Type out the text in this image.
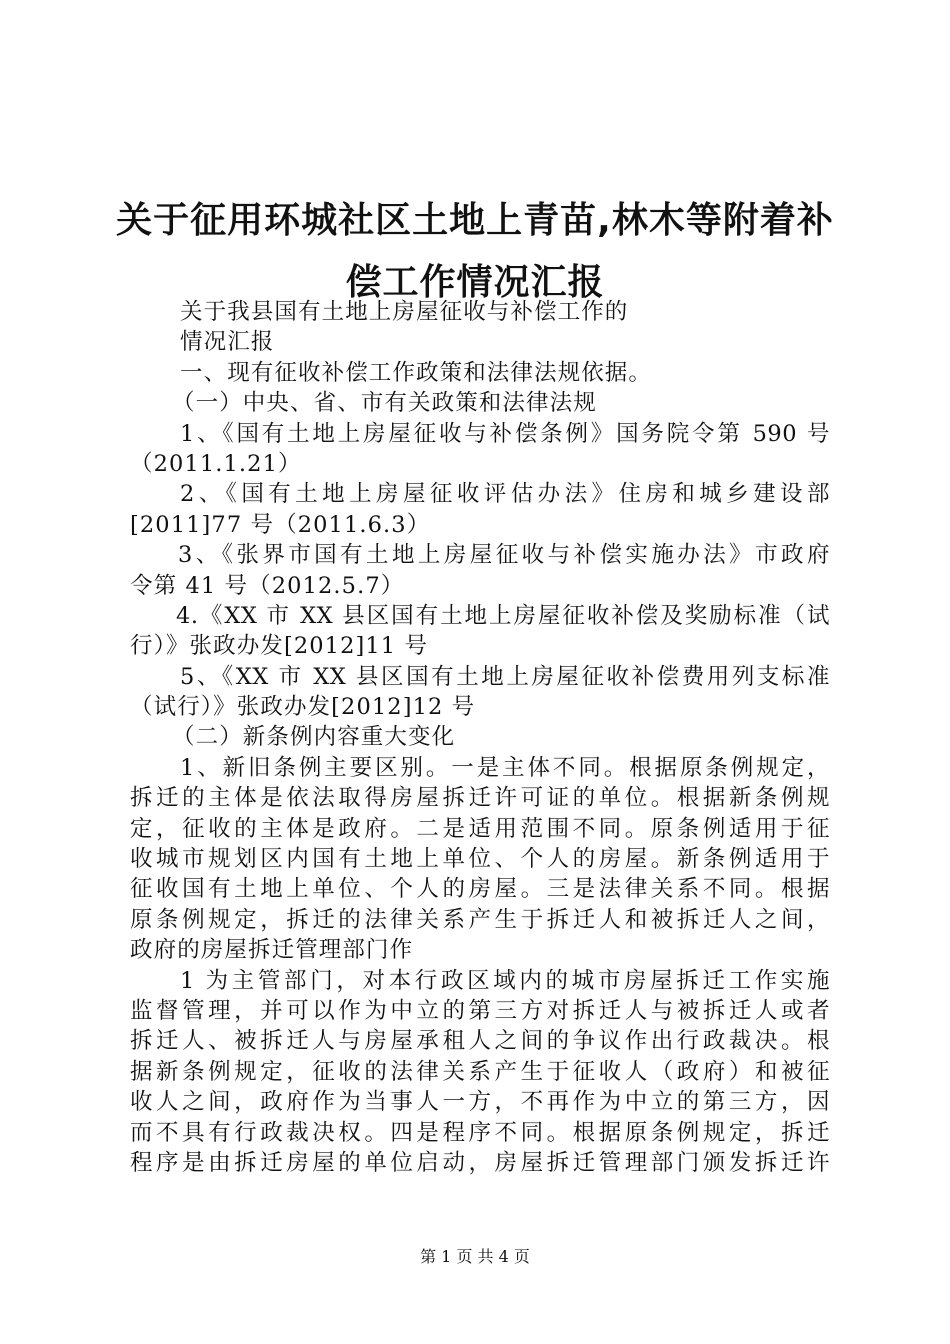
关于征用环城社区土地上青苗,林木等附着补
偿工作情况汇报
关于我县国有土地上房屋征收与补偿工作的
情况汇报
一、现有征收补偿工作政策和法律法规依据。
（一）中央、省、市有关政策和法律法规
1、《国有土地上房屋征收与补偿条例》国务院令第 590 号
（2011.1.21）
2、《国有土地上房屋征收评估办法》住房和城乡建设部
[2011]77 号（2011.6.3）
3、《张界市国有土地上房屋征收与补偿实施办法》市政府
令第 41 号（2012.5.7）
4.《XX 市 XX 县区国有土地上房屋征收补偿及奖励标准（试
行）》张政办发[2012]11 号
5、《XX 市 XX 县区国有土地上房屋征收补偿费用列支标准
（试行）》张政办发[2012]12 号
（二）新条例内容重大变化
1、新旧条例主要区别。一是主体不同。根据原条例规定，
拆迁的主体是依法取得房屋拆迁许可证的单位。根据新条例规
定，征收的主体是政府。二是适用范围不同。原条例适用于征
收城市规划区内国有土地上单位、个人的房屋。新条例适用于
征收国有土地上单位、个人的房屋。三是法律关系不同。根据
原条例规定，拆迁的法律关系产生于拆迁人和被拆迁人之间，
政府的房屋拆迁管理部门作
1 为主管部门，对本行政区域内的城市房屋拆迁工作实施
监督管理，并可以作为中立的第三方对拆迁人与被拆迁人或者
拆迁人、被拆迁人与房屋承租人之间的争议作出行政裁决。根
据新条例规定，征收的法律关系产生于征收人（政府）和被征
收人之间，政府作为当事人一方，不再作为中立的第三方，因
而不具有行政裁决权。四是程序不同。根据原条例规定，拆迁
程序是由拆迁房屋的单位启动，房屋拆迁管理部门颁发拆迁许
第 1 页 共 4 页
